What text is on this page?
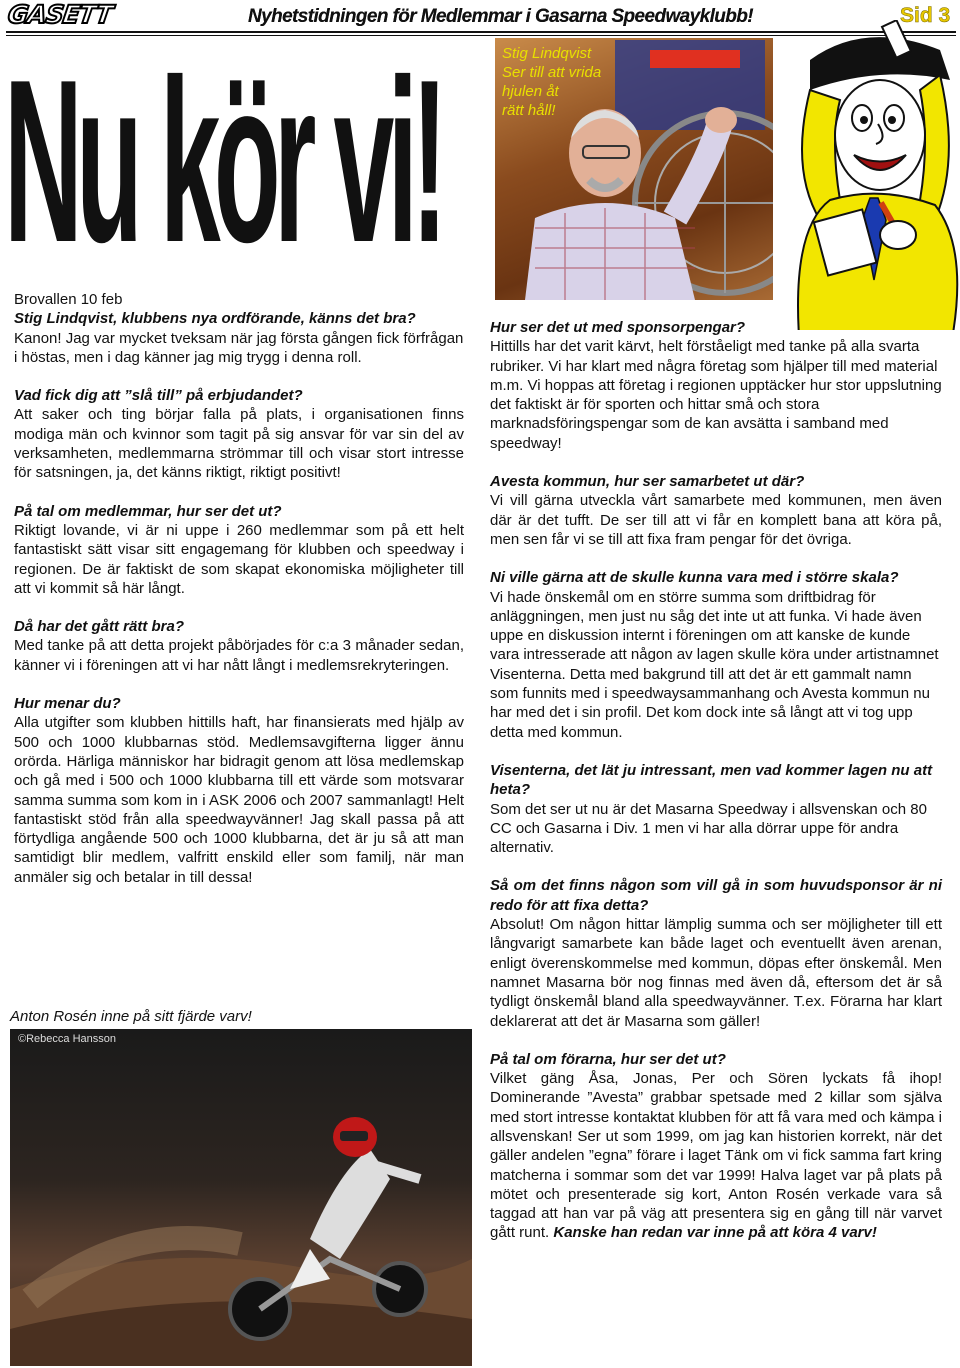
GASETT	Nyhetstidningen för Medlemmar i Gasarna Speedwayklubb!	Sid 3
Nu kör vi!	Stig Lindqvist
Ser till att vrida
hjulen åt
rätt håll!

Brovallen 10 feb

Stig Lindqvist, klubbens nya ordförande, känns det bra?

Kanon! Jag var mycket tveksam när jag första gången fick förfrågan i höstas, men i dag känner jag mig trygg i denna roll.

Vad fick dig att ”slå till” på erbjudandet?

Att saker och ting börjar falla på plats, i organisationen finns modiga män och kvinnor som tagit på sig ansvar för var sin del av verksamheten, medlemmarna strömmar till och visar stort intresse för satsningen, ja, det känns riktigt, riktigt positivt!

På tal om medlemmar, hur ser det ut?

Riktigt lovande, vi är ni uppe i 260 medlemmar som på ett helt fantastiskt sätt visar sitt engagemang för klubben och speedway i regionen. De är faktiskt de som skapat ekonomiska möjligheter till att vi kommit så här långt.

Då har det gått rätt bra?

Med tanke på att detta projekt påbörjades för c:a 3 månader sedan, känner vi i föreningen att vi har nått långt i medlemsrekryteringen.

Hur menar du?

Alla utgifter som klubben hittills haft, har finansierats med hjälp av 500 och 1000 klubbarnas stöd. Medlemsavgifterna ligger ännu orörda. Härliga människor har bidragit genom att lösa medlemskap och gå med i 500 och 1000 klubbarna till ett värde som motsvarar samma summa som kom in i ASK 2006 och 2007 sammanlagt! Helt fantastiskt stöd från alla speedwayvänner! Jag skall passa på att förtydliga angående 500 och 1000 klubbarna, det är ju så att man samtidigt blir medlem, valfritt enskild eller som familj, när man anmäler sig och betalar in till dessa!

Anton Rosén inne på sitt fjärde varv!
©Rebecca Hansson

Hur ser det ut med sponsorpengar?

Hittills har det varit kärvt, helt förståeligt med tanke på alla svarta rubriker. Vi har klart med några företag som hjälper till med material m.m. Vi hoppas att företag i regionen upptäcker hur stor uppslutning det faktiskt är för sporten och hittar små och stora marknadsföringspengar som de kan avsätta i samband med speedway!

Avesta kommun, hur ser samarbetet ut där?

Vi vill gärna utveckla vårt samarbete med kommunen, men även där är det tufft. De ser till att vi får en komplett bana att köra på, men sen får vi se till att fixa fram pengar för det övriga.

Ni ville gärna att de skulle kunna vara med i större skala?

Vi hade önskemål om en större summa som driftbidrag för anläggningen, men just nu såg det inte ut att funka. Vi hade även uppe en diskussion internt i föreningen om att kanske de kunde vara intresserade att någon av lagen skulle köra under artistnamnet Visenterna. Detta med bakgrund till att det är ett gammalt namn som funnits med i speedwaysammanhang och Avesta kommun nu har med det i sin profil. Det kom dock inte så långt att vi tog upp detta med kommun.

Visenterna, det lät ju intressant, men vad kommer lagen nu att heta?

Som det ser ut nu är det Masarna Speedway i allsvenskan och 80 CC och Gasarna i Div. 1 men vi har alla dörrar uppe för andra alternativ.

Så om det finns någon som vill gå in som huvudsponsor är ni redo för att fixa detta?

Absolut! Om någon hittar lämplig summa och ser möjligheter till ett långvarigt samarbete kan både laget och eventuellt även arenan, enligt överenskommelse med kommun, döpas efter önskemål. Men namnet Masarna bör nog finnas med även då, eftersom det är så tydligt önskemål bland alla speedwayvänner. T.ex. Förarna har klart deklarerat att det är Masarna som gäller!

På tal om förarna, hur ser det ut?

Vilket gäng Åsa, Jonas, Per och Sören lyckats få ihop! Dominerande ”Avesta” grabbar spetsade med 2 killar som själva med stort intresse kontaktat klubben för att få vara med och kämpa i allsvenskan! Ser ut som 1999, om jag kan historien korrekt, när det gäller andelen ”egna” förare i laget Tänk om vi fick samma fart kring matcherna i sommar som det var 1999! Halva laget var på plats på mötet och presenterade sig kort, Anton Rosén verkade vara så taggad att han var på väg att presentera sig en gång till när varvet gått runt. Kanske han redan var inne på att köra 4 varv!
